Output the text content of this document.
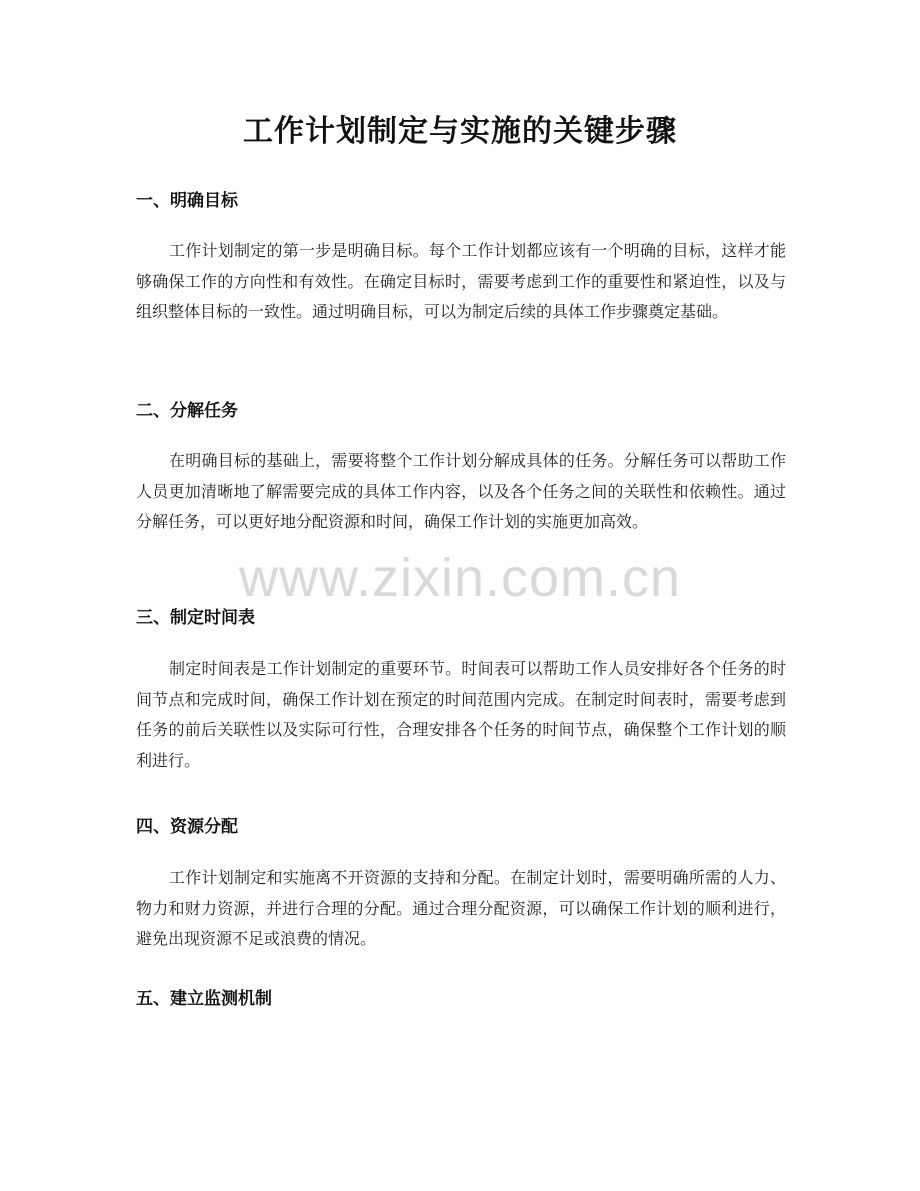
工作计划制定与实施的关键步骤
一、明确目标
工作计划制定的第一步是明确目标。每个工作计划都应该有一个明确的目标，这样才能够确保工作的方向性和有效性。在确定目标时，需要考虑到工作的重要性和紧迫性，以及与组织整体目标的一致性。通过明确目标，可以为制定后续的具体工作步骤奠定基础。
二、分解任务
在明确目标的基础上，需要将整个工作计划分解成具体的任务。分解任务可以帮助工作人员更加清晰地了解需要完成的具体工作内容，以及各个任务之间的关联性和依赖性。通过分解任务，可以更好地分配资源和时间，确保工作计划的实施更加高效。
三、制定时间表
制定时间表是工作计划制定的重要环节。时间表可以帮助工作人员安排好各个任务的时间节点和完成时间，确保工作计划在预定的时间范围内完成。在制定时间表时，需要考虑到任务的前后关联性以及实际可行性，合理安排各个任务的时间节点，确保整个工作计划的顺利进行。
四、资源分配
工作计划制定和实施离不开资源的支持和分配。在制定计划时，需要明确所需的人力、物力和财力资源，并进行合理的分配。通过合理分配资源，可以确保工作计划的顺利进行，避免出现资源不足或浪费的情况。
五、建立监测机制
www.zixin.com.cn
